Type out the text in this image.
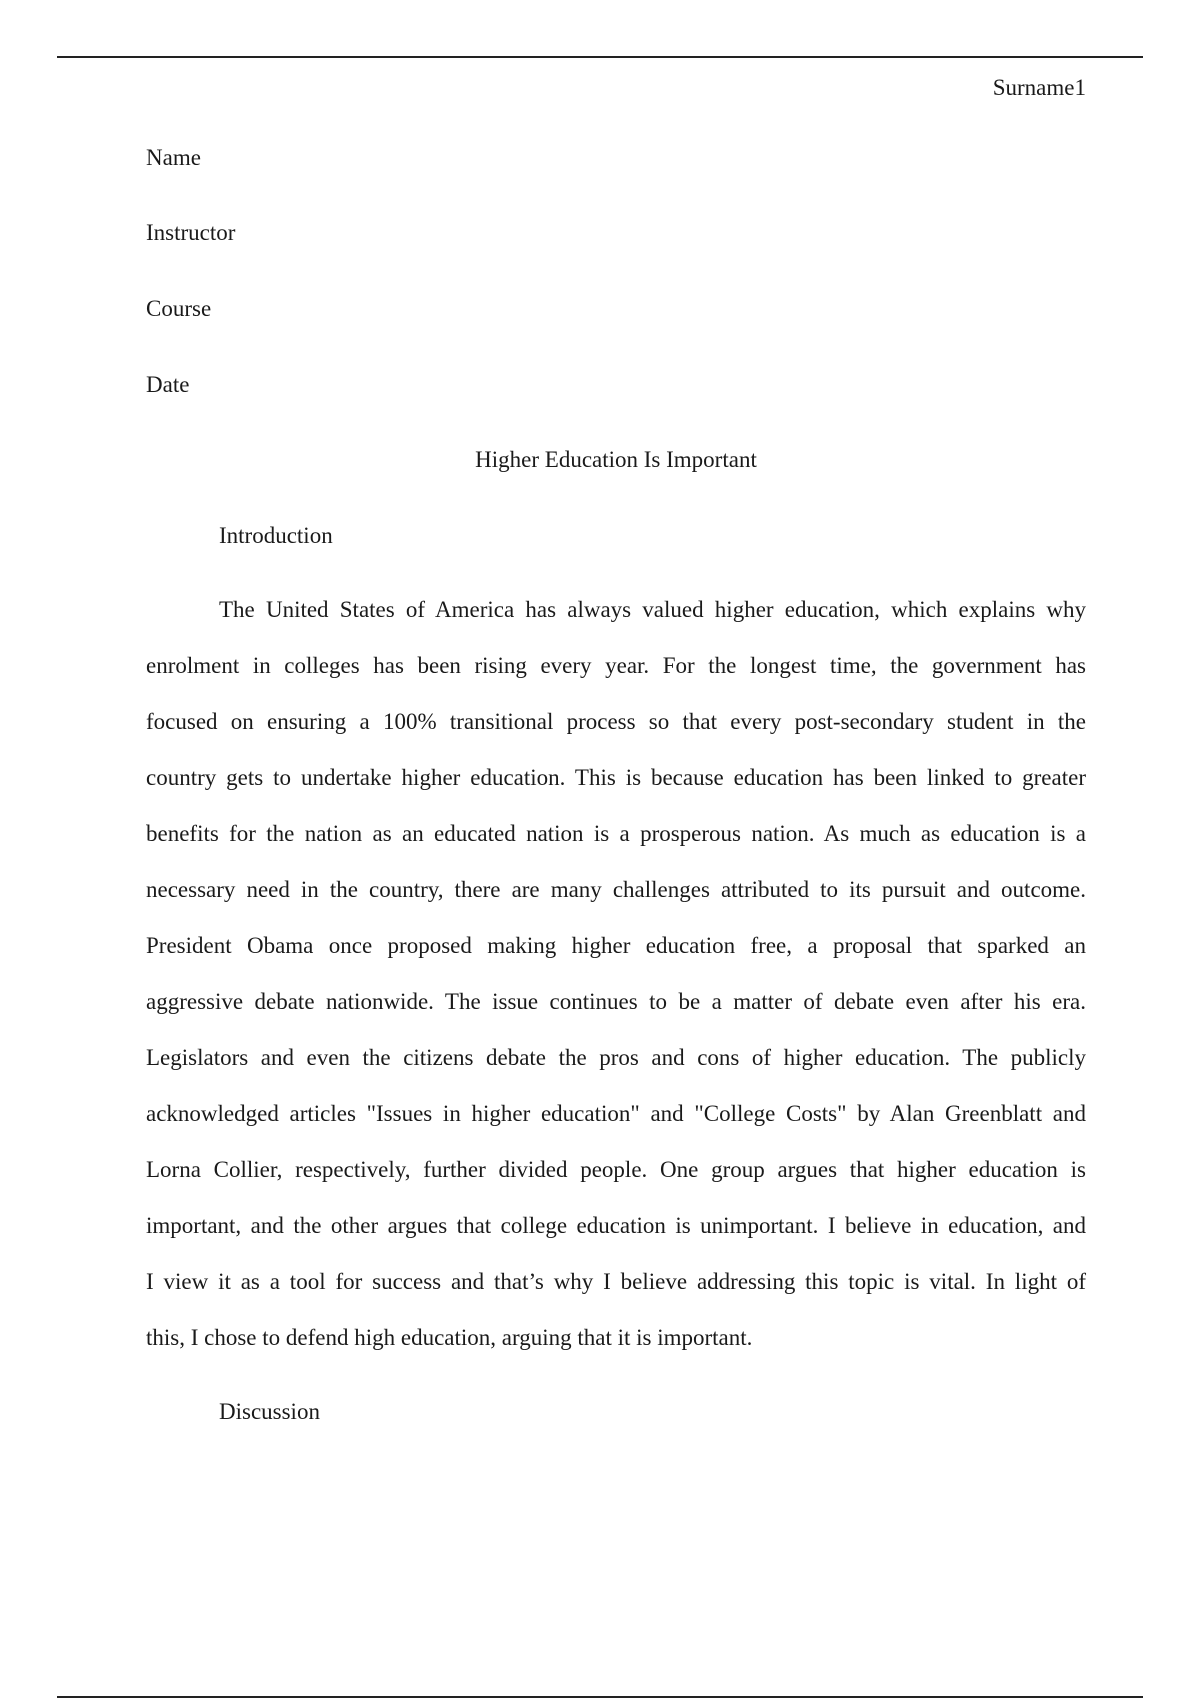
Surname1

Name

Instructor

Course

Date

Higher Education Is Important

Introduction

The United States of America has always valued higher education, which explains why
enrolment in colleges has been rising every year. For the longest time, the government has
focused on ensuring a 100% transitional process so that every post-secondary student in the
country gets to undertake higher education. This is because education has been linked to greater
benefits for the nation as an educated nation is a prosperous nation. As much as education is a
necessary need in the country, there are many challenges attributed to its pursuit and outcome.
President Obama once proposed making higher education free, a proposal that sparked an
aggressive debate nationwide. The issue continues to be a matter of debate even after his era.
Legislators and even the citizens debate the pros and cons of higher education. The publicly
acknowledged articles "Issues in higher education" and "College Costs" by Alan Greenblatt and
Lorna Collier, respectively, further divided people. One group argues that higher education is
important, and the other argues that college education is unimportant. I believe in education, and
I view it as a tool for success and that’s why I believe addressing this topic is vital. In light of
this, I chose to defend high education, arguing that it is important.

Discussion
